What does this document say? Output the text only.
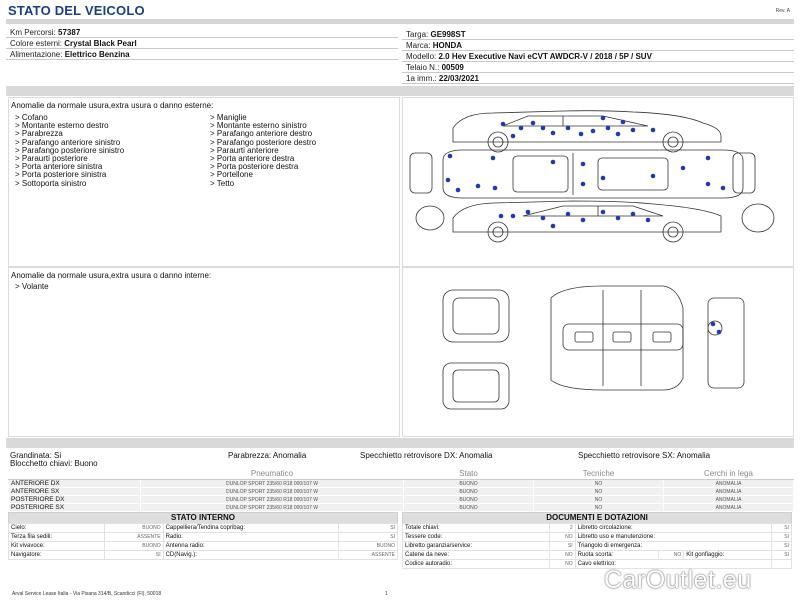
STATO DEL VEICOLO	Rev. A
Km Percorsi: 57387
Colore esterni: Crystal Black Pearl
Alimentazione: Elettrico Benzina
Targa: GE998ST
Marca: HONDA
Modello: 2.0 Hev Executive Navi eCVT AWDCR-V / 2018 / 5P / SUV
Telaio N.: 00509
1a imm.: 22/03/2021
Anomalie da normale usura,extra usura o danno esterne:
> Cofano
> Montante esterno destro
> Parabrezza
> Parafango anteriore sinistro
> Parafango posteriore sinistro
> Paraurti posteriore
> Porta anteriore sinistra
> Porta posteriore sinistra
> Sottoporta sinistro
> Maniglie
> Montante esterno sinistro
> Parafango anteriore destro
> Parafango posteriore destro
> Paraurti anteriore
> Porta anteriore destra
> Porta posteriore destra
> Portellone
> Tetto
Anomalie da normale usura,extra usura o danno interne:
> Volante
Grandinata: Si	Parabrezza: Anomalia	Specchietto retrovisore DX: Anomalia	Specchietto retrovisore SX: Anomalia
Blocchetto chiavi: Buono
	Pneumatico	Stato	Tecniche	Cerchi in lega
ANTERIORE DX	DUNLOP SPORT 235/60 R18 000/107 W	BUONO	NO	ANOMALIA
ANTERIORE SX	DUNLOP SPORT 235/60 R18 000/107 W	BUONO	NO	ANOMALIA
POSTERIORE DX	DUNLOP SPORT 235/60 R18 000/107 W	BUONO	NO	ANOMALIA
POSTERIORE SX	DUNLOP SPORT 235/60 R18 000/107 W	BUONO	NO	ANOMALIA
STATO INTERNO
Cielo:	BUONO	Cappelliera/Tendina copribag:	SI
Terza fila sedili:	ASSENTE	Radio:	SI
Kit vivavoce:	BUONO	Antenna radio:	BUONO
Navigatore:	SI	CD(Navig.):	ASSENTE
DOCUMENTI E DOTAZIONI
Totale chiavi:	2	Libretto circolazione:			SI
Tessere code:	NO	Libretto uso e manutenzione:			SI
Libretto garanzia/service:	SI	Triangolo di emergenza:			SI
Catene da neve:	NO	Ruota scorta:	NO	Kit gonfiaggio:	SI
Codice autoradio:	NO	Cavo elettrico:			
Arval Service Lease Italia - Via Pisana 314/B, Scandicci (FI), 50018	1	CarOutlet.eu
